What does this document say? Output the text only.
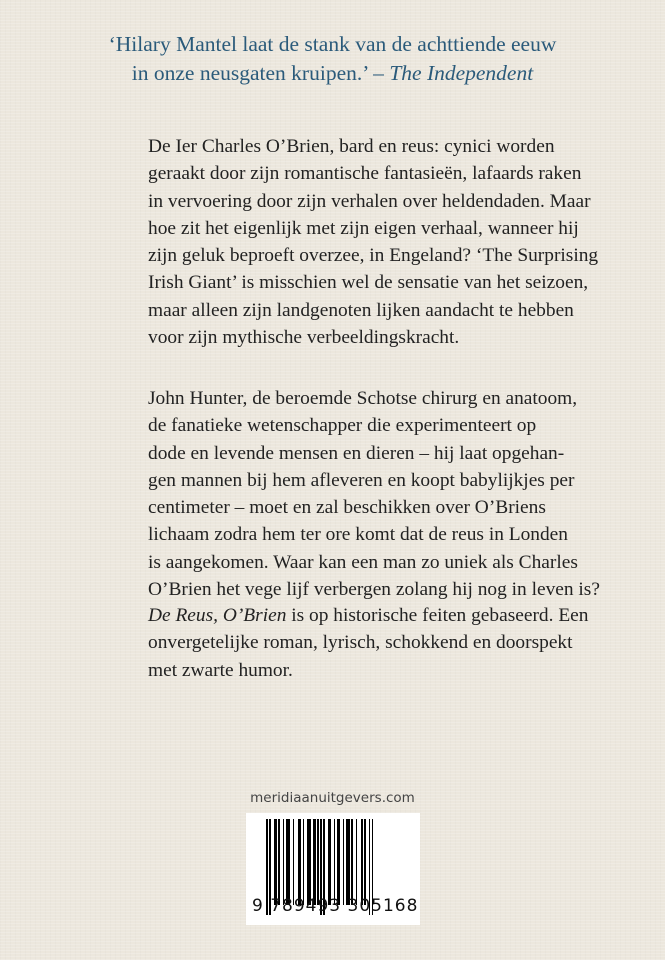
‘Hilary Mantel laat de stank van de achttiende eeuw
in onze neusgaten kruipen.’ – The Independent
De Ier Charles O’Brien, bard en reus: cynici worden
geraakt door zijn romantische fantasieën, lafaards raken
in vervoering door zijn verhalen over heldendaden. Maar
hoe zit het eigenlijk met zijn eigen verhaal, wanneer hij
zijn geluk beproeft overzee, in Engeland? ‘The Surprising
Irish Giant’ is misschien wel de sensatie van het seizoen,
maar alleen zijn landgenoten lijken aandacht te hebben
voor zijn mythische verbeeldingskracht.
John Hunter, de beroemde Schotse chirurg en anatoom,
de fanatieke wetenschapper die experimenteert op
dode en levende mensen en dieren – hij laat opgehan-
gen mannen bij hem afleveren en koopt babylijkjes per
centimeter – moet en zal beschikken over O’Briens
lichaam zodra hem ter ore komt dat de reus in Londen
is aangekomen. Waar kan een man zo uniek als Charles
O’Brien het vege lijf verbergen zolang hij nog in leven is?
De Reus, O’Brien is op historische feiten gebaseerd. Een
onvergetelijke roman, lyrisch, schokkend en doorspekt
met zwarte humor.
meridiaanuitgevers.com
9 789493 305168
